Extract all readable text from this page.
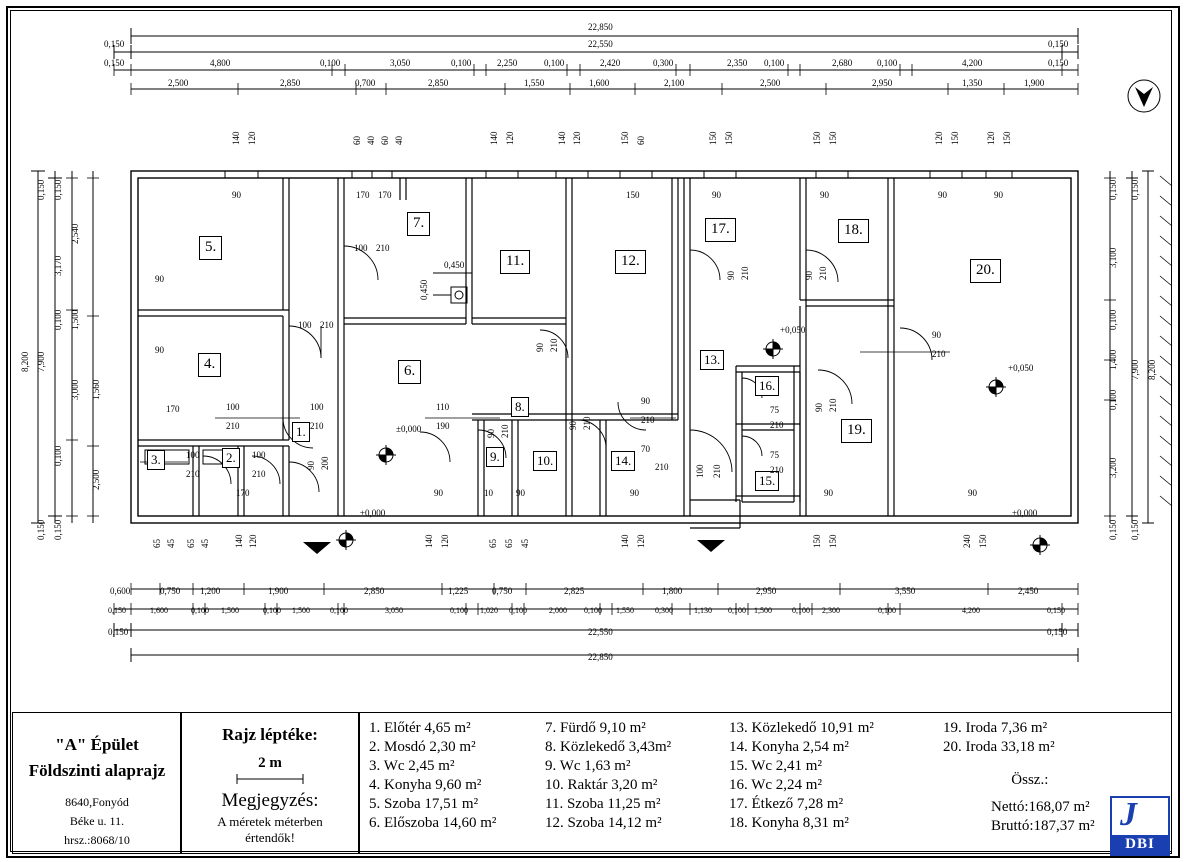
5.
4.
3.	2.
1.
6.
7.
8.
9.	10.
11.	12.
13.
14.
15.
16.
17.	18.
19.
20.
±0,000
±0,000	±0,000
+0,050
+0,050
0,450
0,450
22,850
0,150	22,550	0,150
0,150	4,800	0,100	3,050	0,100	2,250	0,100	2,420	0,300	2,350 0,100	2,680	0,100	4,200	0,150
2,500	2,850	0,700	2,850	1,550	1,600	2,100	2,500	2,950	1,350	1,900
0,600	0,750 1,200	1,900	2,850	1,225	0,750	2,825	1,800	2,950	3,550	2,450
0,150	1,600	0,100 1,500	0,100 1,500	0,100	3,050	0,100 1,020 0,100	2,000 0,100 1,550	0,300	1,130 0,100 1,500	0,100 2,300	0,100	4,200	0,150
0,150	22,550	0,150
22,850
0,150 0,150
2,540
3,170
1,500
0,100
1,560
3,000
0,100
2,500
0,150 0,150
8,200 7,900
0,150 0,150
3,100
0,100
1,400
0,100
3,200
0,150 0,150
7,900 8,200
140 120	60 40 60 40	140 120	140 120	150 60	150 150	150 150	120 150	120 150
65 45 65 45	140 120	140 120	65 65 45	140 120	150 150	240 150
90	170 170	150	90	90	90	90
90	90	90	90
170	10	90
90
90
170
100 210
100 210
100
210
100
210
100
210
100
210
90 200
110
190
90 210
90 210
90 210
90
210
70
210
90 210	90 210
90 210
75
210
75
210
100 210
90
210
"A" Épület
Földszinti alaprajz
8640,Fonyód
Béke u. 11.
hrsz.:8068/10
Rajz léptéke:
2 m
Megjegyzés:
A méretek méterben
értendők!
1. Előtér 4,65 m²
2. Mosdó 2,30 m²
3. Wc 2,45 m²
4. Konyha 9,60 m²
5. Szoba 17,51 m²
6. Előszoba 14,60 m²
7. Fürdő 9,10 m²
8. Közlekedő 3,43m²
9. Wc 1,63 m²
10. Raktár 3,20 m²
11. Szoba 11,25 m²
12. Szoba 14,12 m²
13. Közlekedő 10,91 m²
14. Konyha 2,54 m²
15. Wc 2,41 m²
16. Wc 2,24 m²
17. Étkező 7,28 m²
18. Konyha 8,31 m²
19. Iroda 7,36 m²
20. Iroda 33,18 m²
Össz.:
Nettó:168,07 m²
Bruttó:187,37 m² J
DBI
